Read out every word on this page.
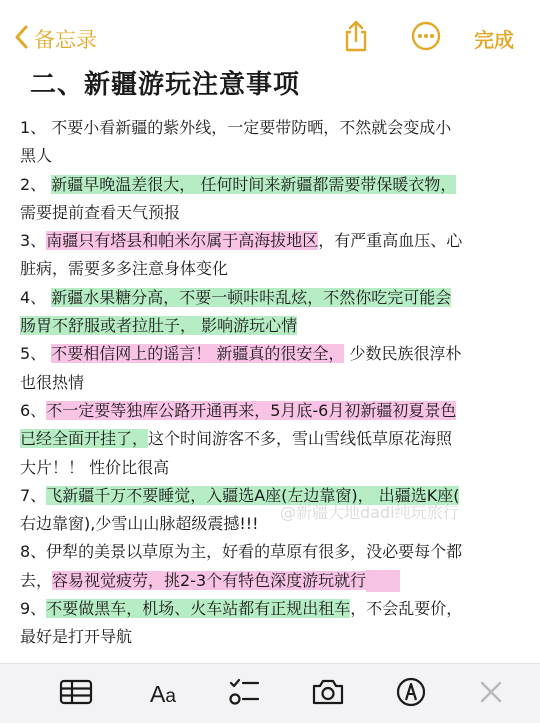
备忘录	完成
二、新疆游玩注意事项
1、 不要小看新疆的紫外线，一定要带防晒，不然就会变成小
黑人
2、 新疆早晚温差很大， 任何时间来新疆都需要带保暖衣物，
需要提前查看天气预报
3、南疆只有塔县和帕米尔属于高海拔地区，有严重高血压、心
脏病，需要多多注意身体变化
4、 新疆水果糖分高，不要一顿咔咔乱炫，不然你吃完可能会
肠胃不舒服或者拉肚子， 影响游玩心情
5、 不要相信网上的谣言！ 新疆真的很安全， 少数民族很淳朴
也很热情
6、不一定要等独库公路开通再来，5月底-6月初新疆初夏景色
已经全面开挂了，这个时间游客不多，雪山雪线低草原花海照
大片！！ 性价比很高
7、飞新疆千万不要睡觉，入疆选A座(左边靠窗)， 出疆选K座(
右边靠窗),少雪山山脉超级震撼!!!
8、伊犁的美景以草原为主，好看的草原有很多，没必要每个都
去，容易视觉疲劳，挑2-3个有特色深度游玩就行
9、不要做黑车，机场、火车站都有正规出租车，不会乱要价，
最好是打开导航
@新疆大地dadi纯玩旅行
Aa
